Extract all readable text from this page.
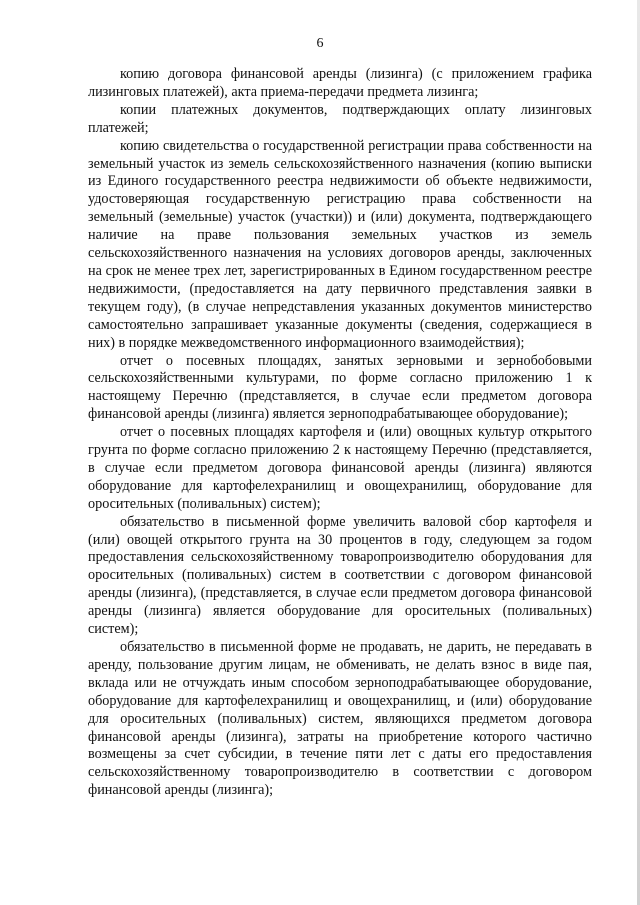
6

копию договора финансовой аренды (лизинга) (с приложением графика лизинговых платежей), акта приема-передачи предмета лизинга;

копии платежных документов, подтверждающих оплату лизинговых платежей;

копию свидетельства о государственной регистрации права собственности на земельный участок из земель сельскохозяйственного назначения (копию выписки из Единого государственного реестра недвижимости об объекте недвижимости, удостоверяющая государственную регистрацию права собственности на земельный (земельные) участок (участки)) и (или) документа, подтверждающего наличие на праве пользования земельных участков из земель сельскохозяйственного назначения на условиях договоров аренды, заключенных на срок не менее трех лет, зарегистрированных в Едином государственном реестре недвижимости, (предоставляется на дату первичного представления заявки в текущем году), (в случае непредставления указанных документов министерство самостоятельно запрашивает указанные документы (сведения, содержащиеся в них) в порядке межведомственного информационного взаимодействия);

отчет о посевных площадях, занятых зерновыми и зернобобовыми сельскохозяйственными культурами, по форме согласно приложению 1 к настоящему Перечню (представляется, в случае если предметом договора финансовой аренды (лизинга) является зерноподрабатывающее оборудование);

отчет о посевных площадях картофеля и (или) овощных культур открытого грунта по форме согласно приложению 2 к настоящему Перечню (представляется, в случае если предметом договора финансовой аренды (лизинга) являются оборудование для картофелехранилищ и овощехранилищ, оборудование для оросительных (поливальных) систем);

обязательство в письменной форме увеличить валовой сбор картофеля и (или) овощей открытого грунта на 30 процентов в году, следующем за годом предоставления сельскохозяйственному товаропроизводителю оборудования для оросительных (поливальных) систем в соответствии с договором финансовой аренды (лизинга), (представляется, в случае если предметом договора финансовой аренды (лизинга) является оборудование для оросительных (поливальных) систем);

обязательство в письменной форме не продавать, не дарить, не передавать в аренду, пользование другим лицам, не обменивать, не делать взнос в виде пая, вклада или не отчуждать иным способом зерноподрабатывающее оборудование, оборудование для картофелехранилищ и овощехранилищ, и (или) оборудование для оросительных (поливальных) систем, являющихся предметом договора финансовой аренды (лизинга), затраты на приобретение которого частично возмещены за счет субсидии, в течение пяти лет с даты его предоставления сельскохозяйственному товаропроизводителю в соответствии с договором финансовой аренды (лизинга);
